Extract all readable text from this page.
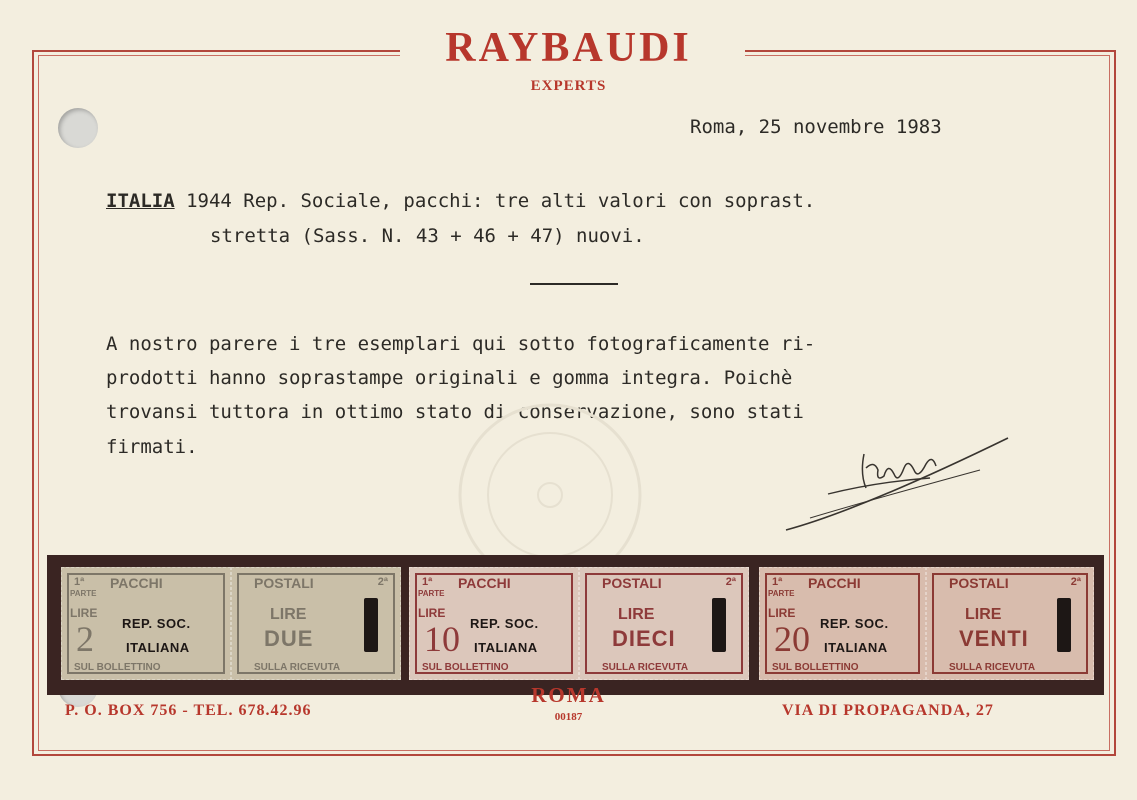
RAYBAUDI
EXPERTS
Roma, 25 novembre 1983
ITALIA 1944 Rep. Sociale, pacchi: tre alti valori con soprast.
stretta (Sass. N. 43 + 46 + 47) nuovi.
A nostro parere i tre esemplari qui sotto fotograficamente ri-
prodotti hanno soprastampe originali e gomma integra. Poichè
trovansi tuttora in ottimo stato di conservazione, sono stati
firmati.
1ª
PARTE
PACCHI
LIRE
2
SUL BOLLETTINO
REP. SOC.
ITALIANA
POSTALI	2ª
LIRE
DUE
SULLA RICEVUTA
1ª
PARTE
PACCHI
LIRE
10
SUL BOLLETTINO
REP. SOC.
ITALIANA
POSTALI	2ª
LIRE
DIECI
SULLA RICEVUTA
1ª
PARTE
PACCHI
LIRE
20
SUL BOLLETTINO
REP. SOC.
ITALIANA
POSTALI	2ª
LIRE
VENTI
SULLA RICEVUTA
ROMA
00187
P. O. BOX 756 - TEL. 678.42.96	VIA DI PROPAGANDA, 27
